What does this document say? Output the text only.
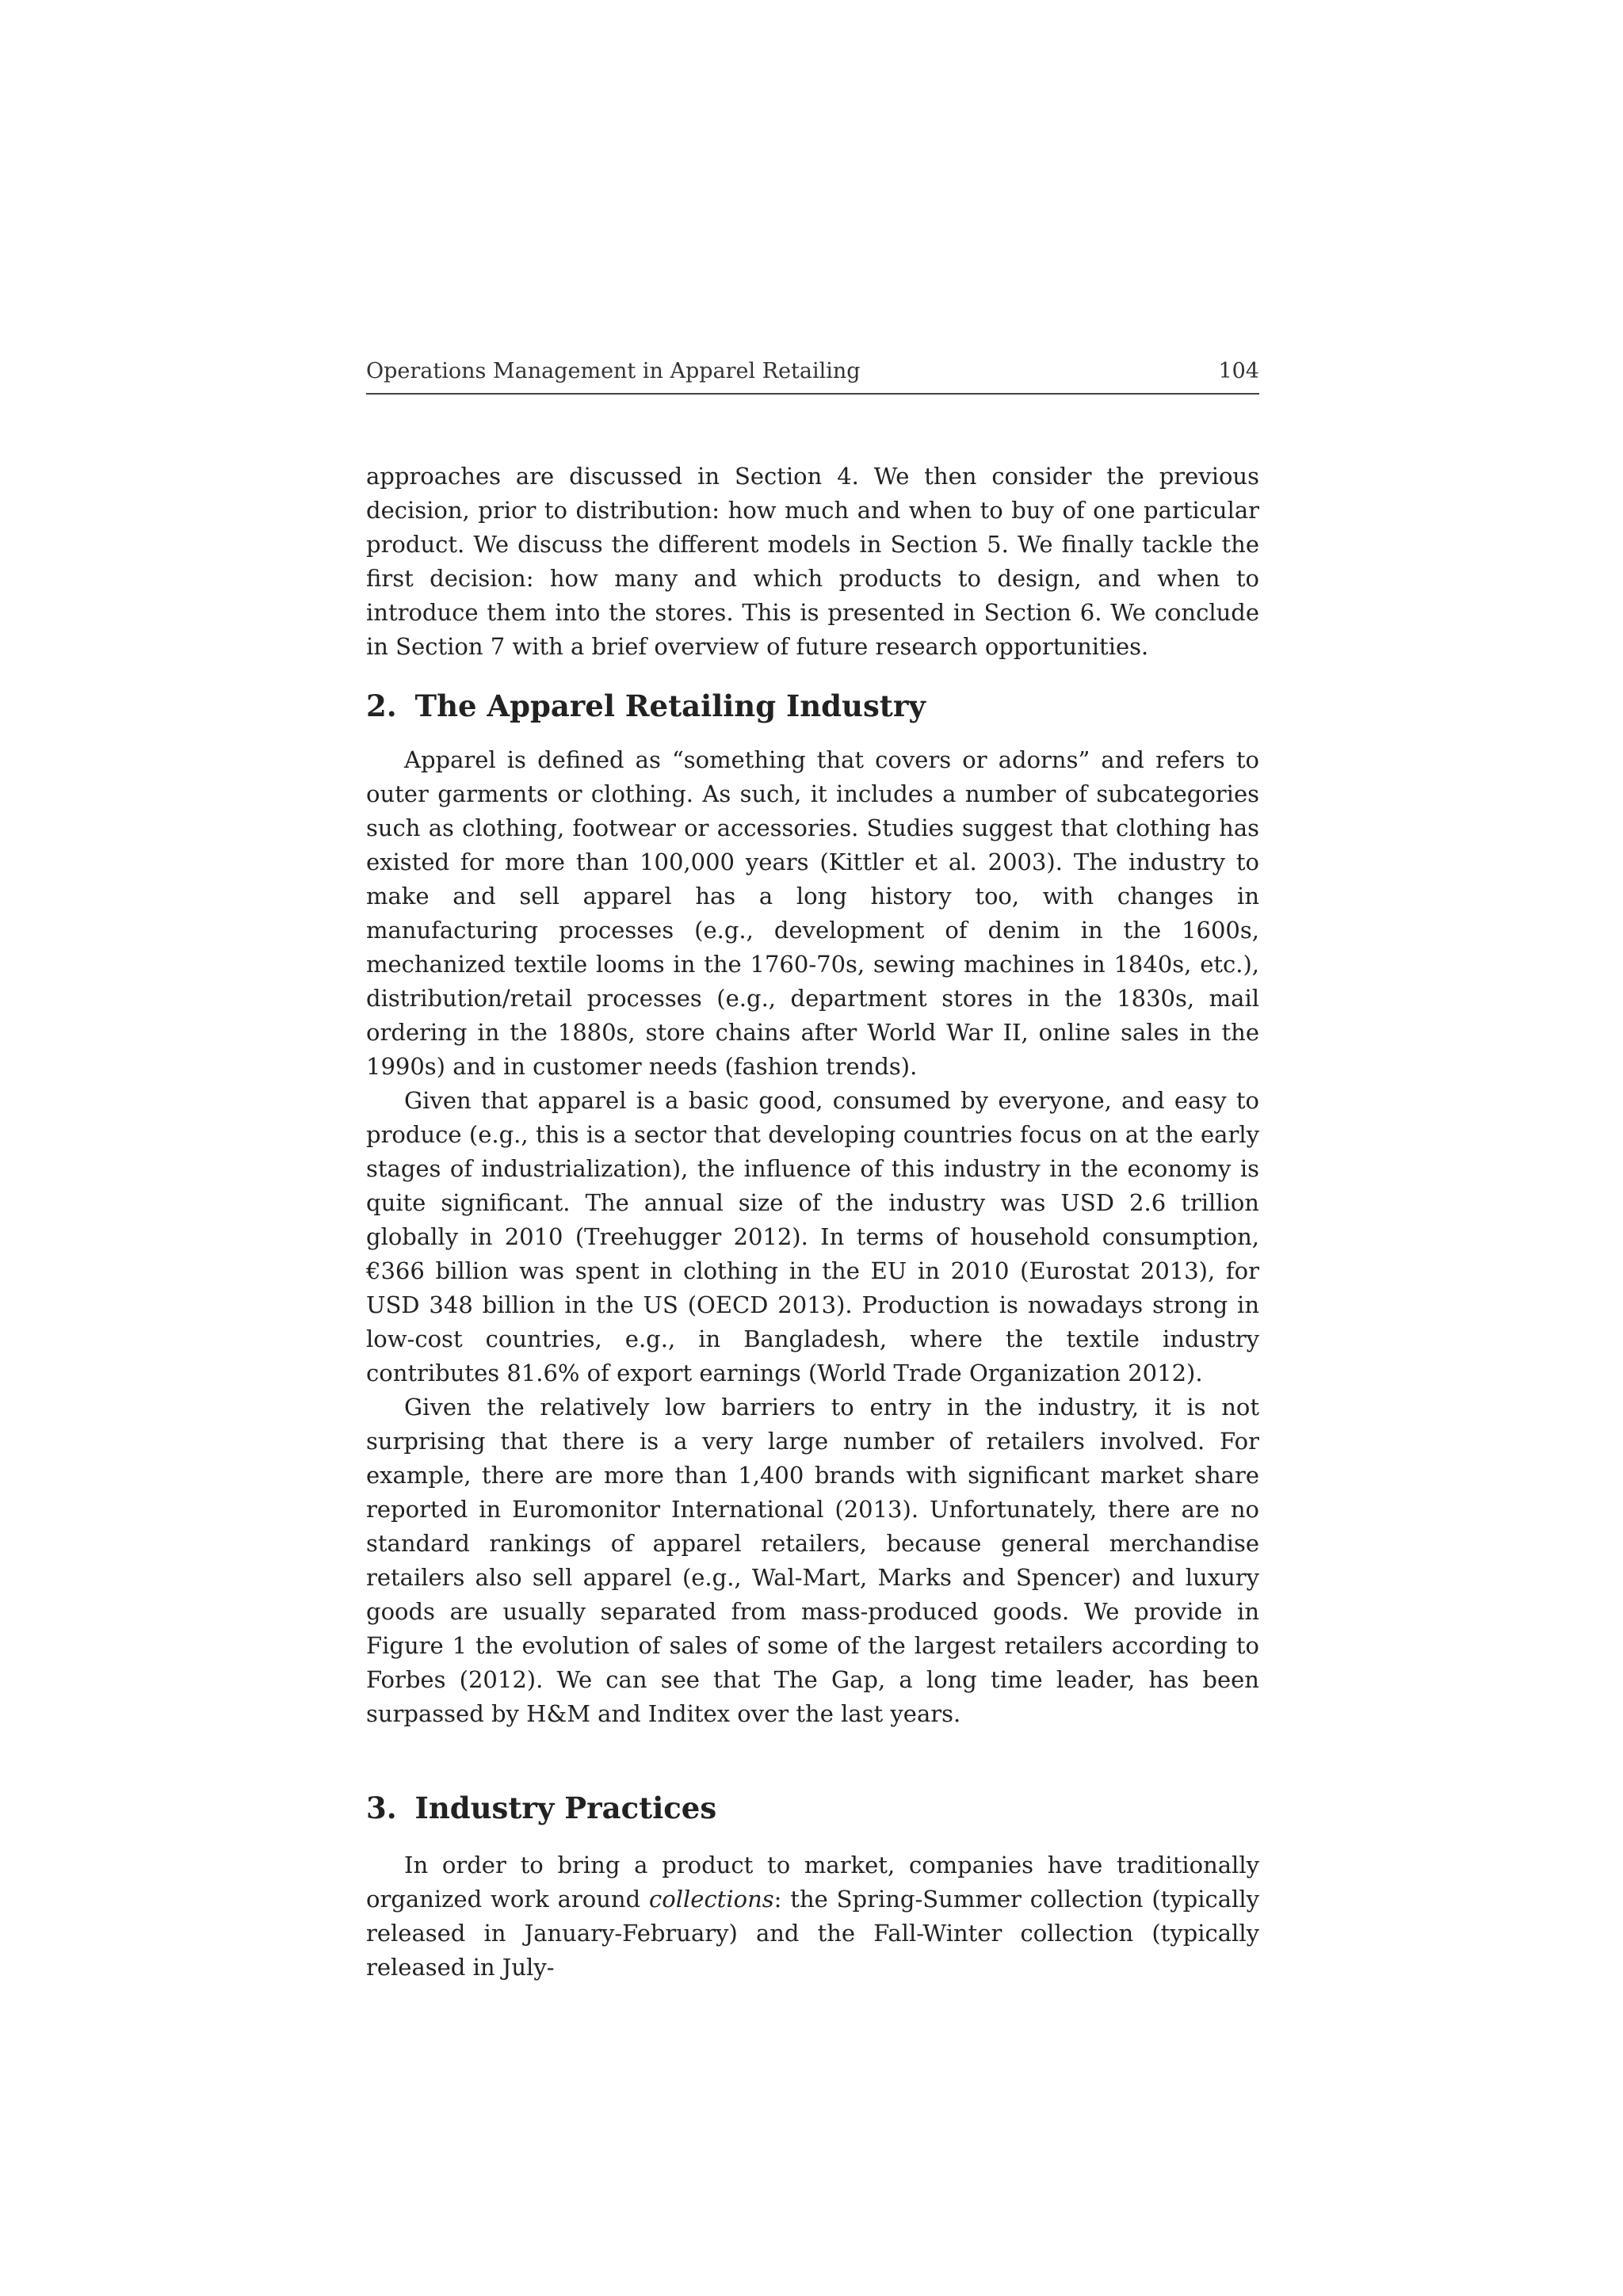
Operations Management in Apparel Retailing	104

approaches are discussed in Section 4. We then consider the previous decision, prior to distribution: how much and when to buy of one particular product. We discuss the different models in Section 5. We finally tackle the first decision: how many and which products to design, and when to introduce them into the stores. This is presented in Section 6. We conclude in Section 7 with a brief overview of future research opportunities.

2. The Apparel Retailing Industry

Apparel is defined as “something that covers or adorns” and refers to outer garments or clothing. As such, it includes a number of subcategories such as clothing, footwear or accessories. Studies suggest that clothing has existed for more than 100,000 years (Kittler et al. 2003). The industry to make and sell apparel has a long history too, with changes in manufacturing processes (e.g., development of denim in the 1600s, mechanized textile looms in the 1760-70s, sewing machines in 1840s, etc.), distribution/retail processes (e.g., department stores in the 1830s, mail ordering in the 1880s, store chains after World War II, online sales in the 1990s) and in customer needs (fashion trends).

Given that apparel is a basic good, consumed by everyone, and easy to produce (e.g., this is a sector that developing countries focus on at the early stages of industrialization), the influence of this industry in the economy is quite significant. The annual size of the industry was USD 2.6 trillion globally in 2010 (Treehugger 2012). In terms of household consumption, €366 billion was spent in clothing in the EU in 2010 (Eurostat 2013), for USD 348 billion in the US (OECD 2013). Production is nowadays strong in low-cost countries, e.g., in Bangladesh, where the textile industry contributes 81.6% of export earnings (World Trade Organization 2012).

Given the relatively low barriers to entry in the industry, it is not surprising that there is a very large number of retailers involved. For example, there are more than 1,400 brands with significant market share reported in Euromonitor International (2013). Unfortunately, there are no standard rankings of apparel retailers, because general merchandise retailers also sell apparel (e.g., Wal-Mart, Marks and Spencer) and luxury goods are usually separated from mass-produced goods. We provide in Figure 1 the evolution of sales of some of the largest retailers according to Forbes (2012). We can see that The Gap, a long time leader, has been surpassed by H&M and Inditex over the last years.

3. Industry Practices

In order to bring a product to market, companies have traditionally organized work around collections: the Spring-Summer collection (typically released in January-February) and the Fall-Winter collection (typically released in July-
